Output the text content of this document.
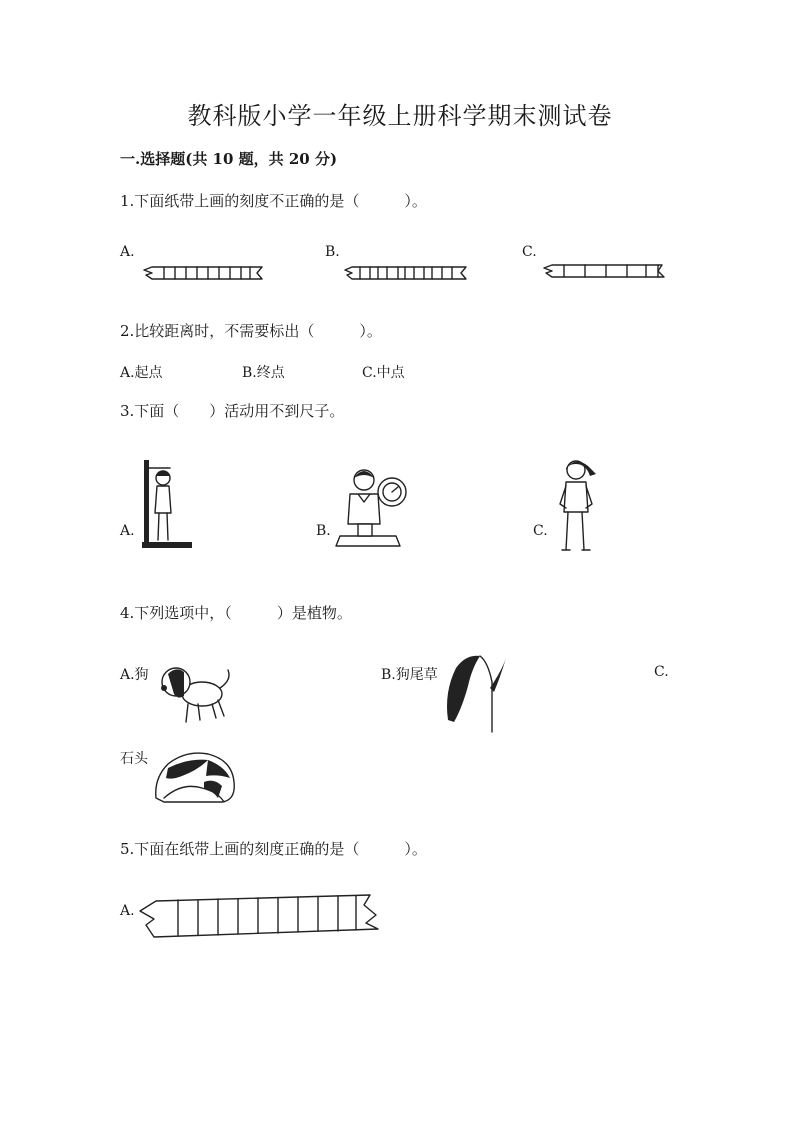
教科版小学一年级上册科学期末测试卷
一.选择题(共 10 题，共 20 分)
1.下面纸带上画的刻度不正确的是（　　　）。
A.	B.	C.
2.比较距离时，不需要标出（　　　）。
A.起点	B.终点	C.中点
3.下面（　　）活动用不到尺子。
A.	B.	C.
4.下列选项中，（　　　）是植物。
A.狗	B.狗尾草	C.
石头
5.下面在纸带上画的刻度正确的是（　　　）。
A.
